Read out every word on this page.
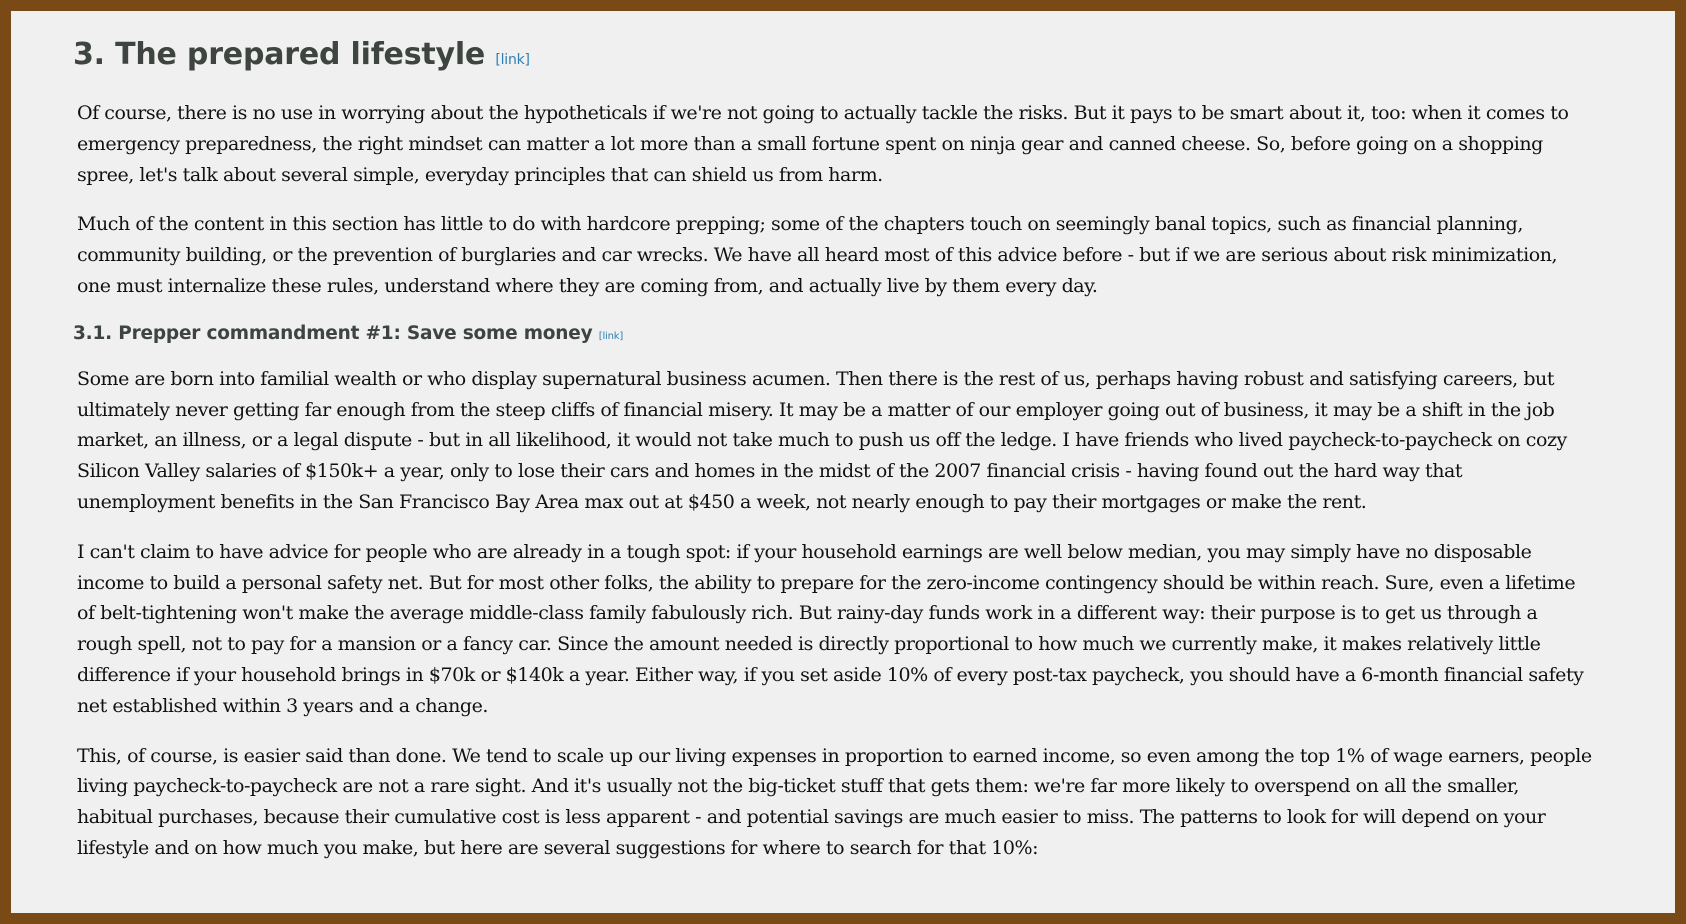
3. The prepared lifestyle [link]

Of course, there is no use in worrying about the hypotheticals if we're not going to actually tackle the risks. But it pays to be smart about it, too: when it comes to emergency preparedness, the right mindset can matter a lot more than a small fortune spent on ninja gear and canned cheese. So, before going on a shopping spree, let's talk about several simple, everyday principles that can shield us from harm.

Much of the content in this section has little to do with hardcore prepping; some of the chapters touch on seemingly banal topics, such as financial planning, community building, or the prevention of burglaries and car wrecks. We have all heard most of this advice before - but if we are serious about risk minimization, one must internalize these rules, understand where they are coming from, and actually live by them every day.

3.1. Prepper commandment #1: Save some money [link]

Some are born into familial wealth or who display supernatural business acumen. Then there is the rest of us, perhaps having robust and satisfying careers, but ultimately never getting far enough from the steep cliffs of financial misery. It may be a matter of our employer going out of business, it may be a shift in the job market, an illness, or a legal dispute - but in all likelihood, it would not take much to push us off the ledge. I have friends who lived paycheck-to-paycheck on cozy Silicon Valley salaries of $150k+ a year, only to lose their cars and homes in the midst of the 2007 financial crisis - having found out the hard way that unemployment benefits in the San Francisco Bay Area max out at $450 a week, not nearly enough to pay their mortgages or make the rent.

I can't claim to have advice for people who are already in a tough spot: if your household earnings are well below median, you may simply have no disposable income to build a personal safety net. But for most other folks, the ability to prepare for the zero-income contingency should be within reach. Sure, even a lifetime of belt-tightening won't make the average middle-class family fabulously rich. But rainy-day funds work in a different way: their purpose is to get us through a rough spell, not to pay for a mansion or a fancy car. Since the amount needed is directly proportional to how much we currently make, it makes relatively little difference if your household brings in $70k or $140k a year. Either way, if you set aside 10% of every post-tax paycheck, you should have a 6-month financial safety net established within 3 years and a change.

This, of course, is easier said than done. We tend to scale up our living expenses in proportion to earned income, so even among the top 1% of wage earners, people living paycheck-to-paycheck are not a rare sight. And it's usually not the big-ticket stuff that gets them: we're far more likely to overspend on all the smaller, habitual purchases, because their cumulative cost is less apparent - and potential savings are much easier to miss. The patterns to look for will depend on your lifestyle and on how much you make, but here are several suggestions for where to search for that 10%:
